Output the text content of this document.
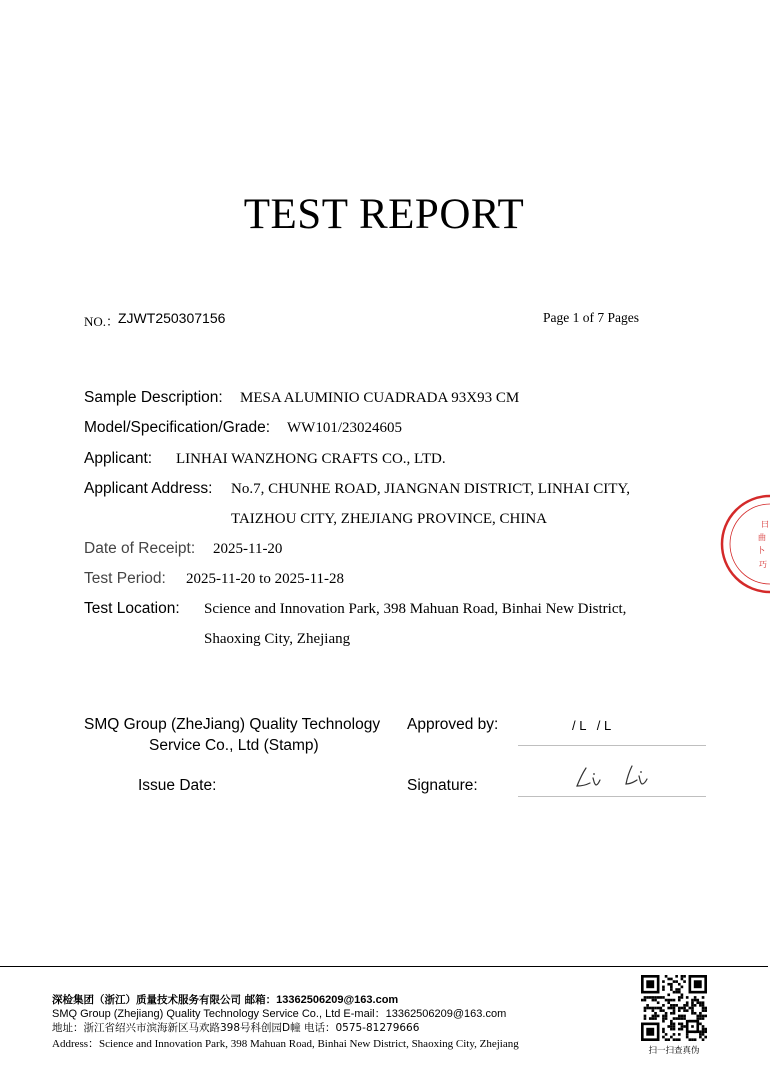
TEST REPORT
NO.：
ZJWT250307156	Page 1 of 7 Pages
Sample Description: MESA ALUMINIO CUADRADA 93X93 CM
Model/Specification/Grade: WW101/23024605
Applicant: LINHAI WANZHONG CRAFTS CO., LTD.
Applicant Address: No.7, CHUNHE ROAD, JIANGNAN DISTRICT, LINHAI CITY,
TAIZHOU CITY, ZHEJIANG PROVINCE, CHINA
Date of Receipt: 2025-11-20
Test Period: 2025-11-20 to 2025-11-28
Test Location: Science and Innovation Park, 398 Mahuan Road, Binhai New District,
Shaoxing City, Zhejiang
曰
曲
卜
巧
SMQ Group (ZheJiang) Quality Technology
Service Co., Ltd (Stamp)
Approved by:	/ L   / L
Issue Date:	Signature:
深检集团（浙江）质量技术服务有限公司 邮箱：13362506209@163.com
SMQ Group (Zhejiang) Quality Technology Service Co., Ltd E-mail：13362506209@163.com
地址：浙江省绍兴市滨海新区马欢路398号科创园D幢 电话：0575-81279666
Address：Science and Innovation Park, 398 Mahuan Road, Binhai New District, Shaoxing City, Zhejiang
扫一扫查真伪
